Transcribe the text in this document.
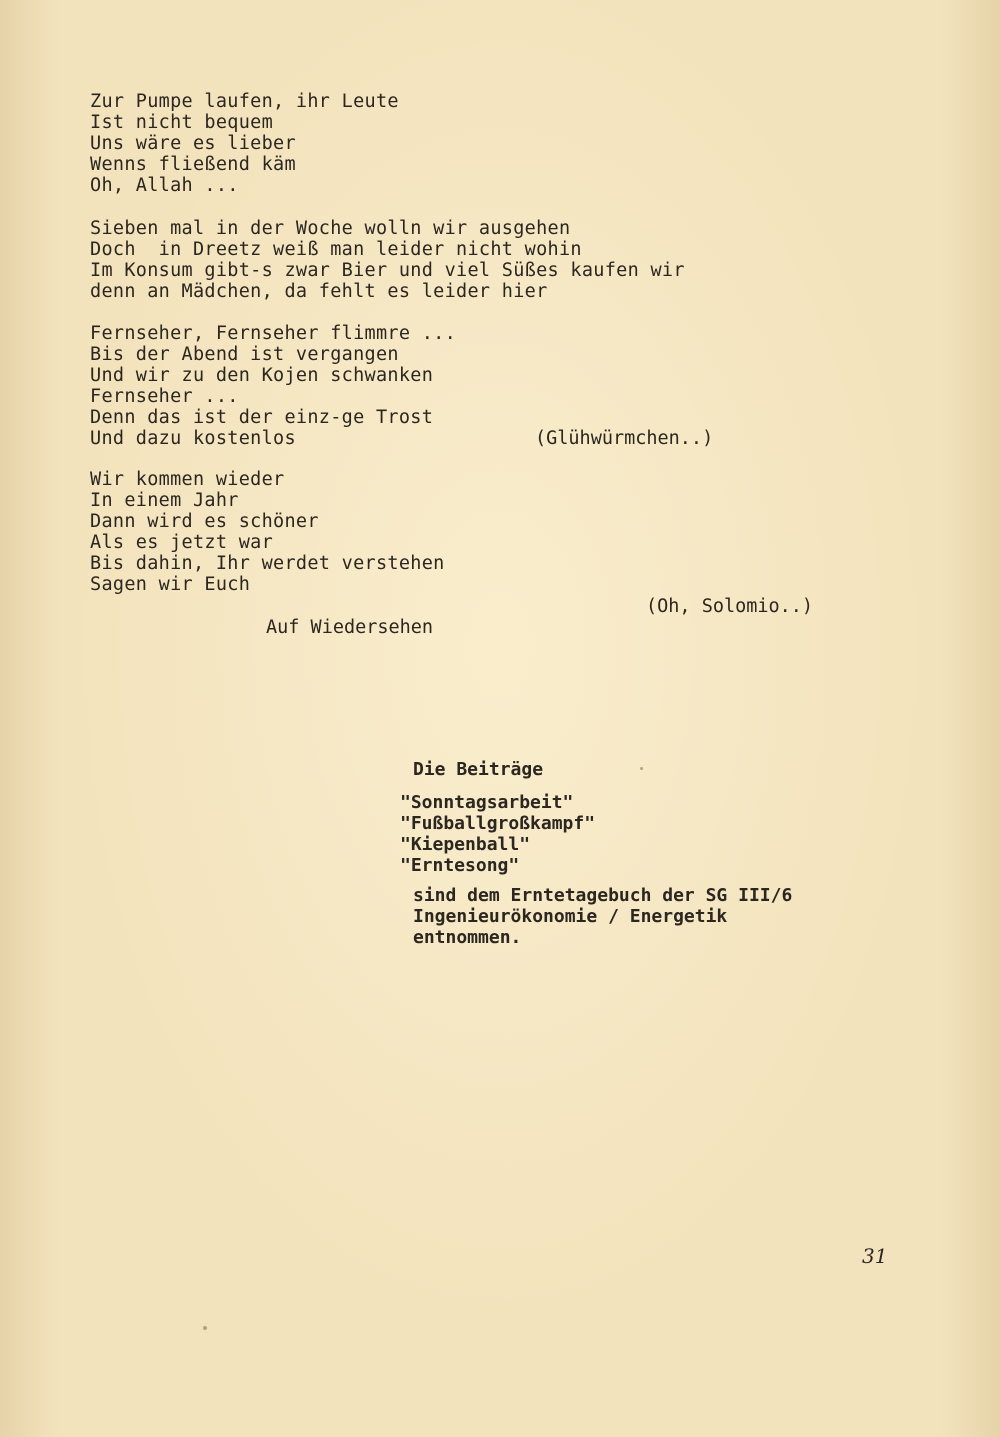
Zur Pumpe laufen, ihr Leute
Ist nicht bequem
Uns wäre es lieber
Wenns fließend käm
Oh, Allah ...
Sieben mal in der Woche wolln wir ausgehen
Doch  in Dreetz weiß man leider nicht wohin
Im Konsum gibt-s zwar Bier und viel Süßes kaufen wir
denn an Mädchen, da fehlt es leider hier
Fernseher, Fernseher flimmre ...
Bis der Abend ist vergangen
Und wir zu den Kojen schwanken
Fernseher ...
Denn das ist der einz-ge Trost
Und dazu kostenlos	(Glühwürmchen..)
Wir kommen wieder
In einem Jahr
Dann wird es schöner
Als es jetzt war
Bis dahin, Ihr werdet verstehen
Sagen wir Euch
(Oh, Solomio..)
Auf Wiedersehen
Die Beiträge
"Sonntagsarbeit"
"Fußballgroßkampf"
"Kiepenball"
"Erntesong"
sind dem Erntetagebuch der SG III/6
Ingenieurökonomie / Energetik
entnommen.
31
